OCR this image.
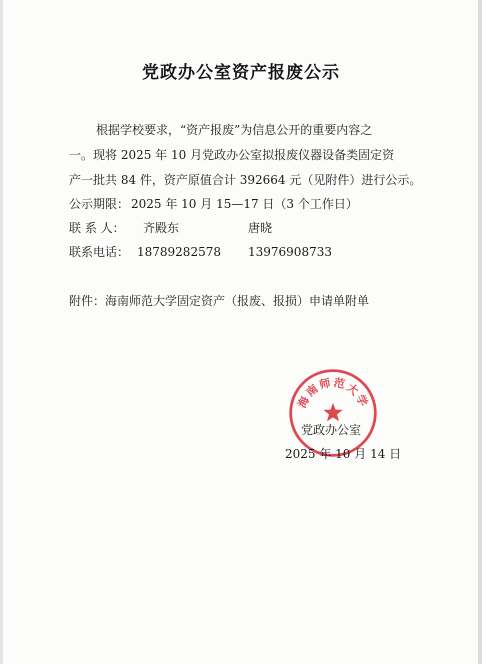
党政办公室资产报废公示
根据学校要求，“资产报废”为信息公开的重要内容之
一。现将 2025 年 10 月党政办公室拟报废仪器设备类固定资
产一批共 84 件，资产原值合计 392664 元（见附件）进行公示。
公示期限： 2025 年 10 月 15—17 日（3 个工作日）
联 系 人： 齐殿东	唐晓
联系电话： 18789282578 13976908733
附件：海南师范大学固定资产（报废、报损）申请单附单
海南师范大学
党政办公室
2025 年 10 月 14 日
